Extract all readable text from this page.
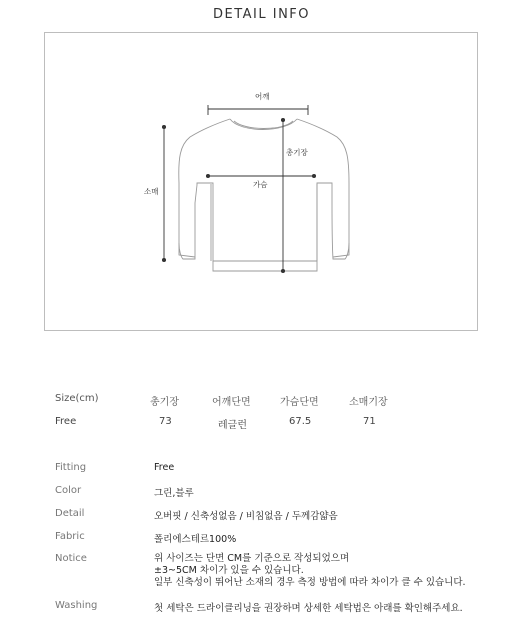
DETAIL INFO
어깨
총기장
가슴
소매
Size(cm)	총기장	어깨단면	가슴단면	소매기장
Free	73	레글런	67.5	71
Fitting	Free
Color	그린,블루
Detail	오버핏 / 신축성없음 / 비침없음 / 두께감얇음
Fabric	폴리에스테르100%
Notice	위 사이즈는 단면 CM를 기준으로 작성되었으며
±3~5CM 차이가 있을 수 있습니다.
일부 신축성이 뛰어난 소재의 경우 측정 방법에 따라 차이가 클 수 있습니다.
Washing	첫 세탁은 드라이클리닝을 권장하며 상세한 세탁법은 아래를 확인해주세요.
